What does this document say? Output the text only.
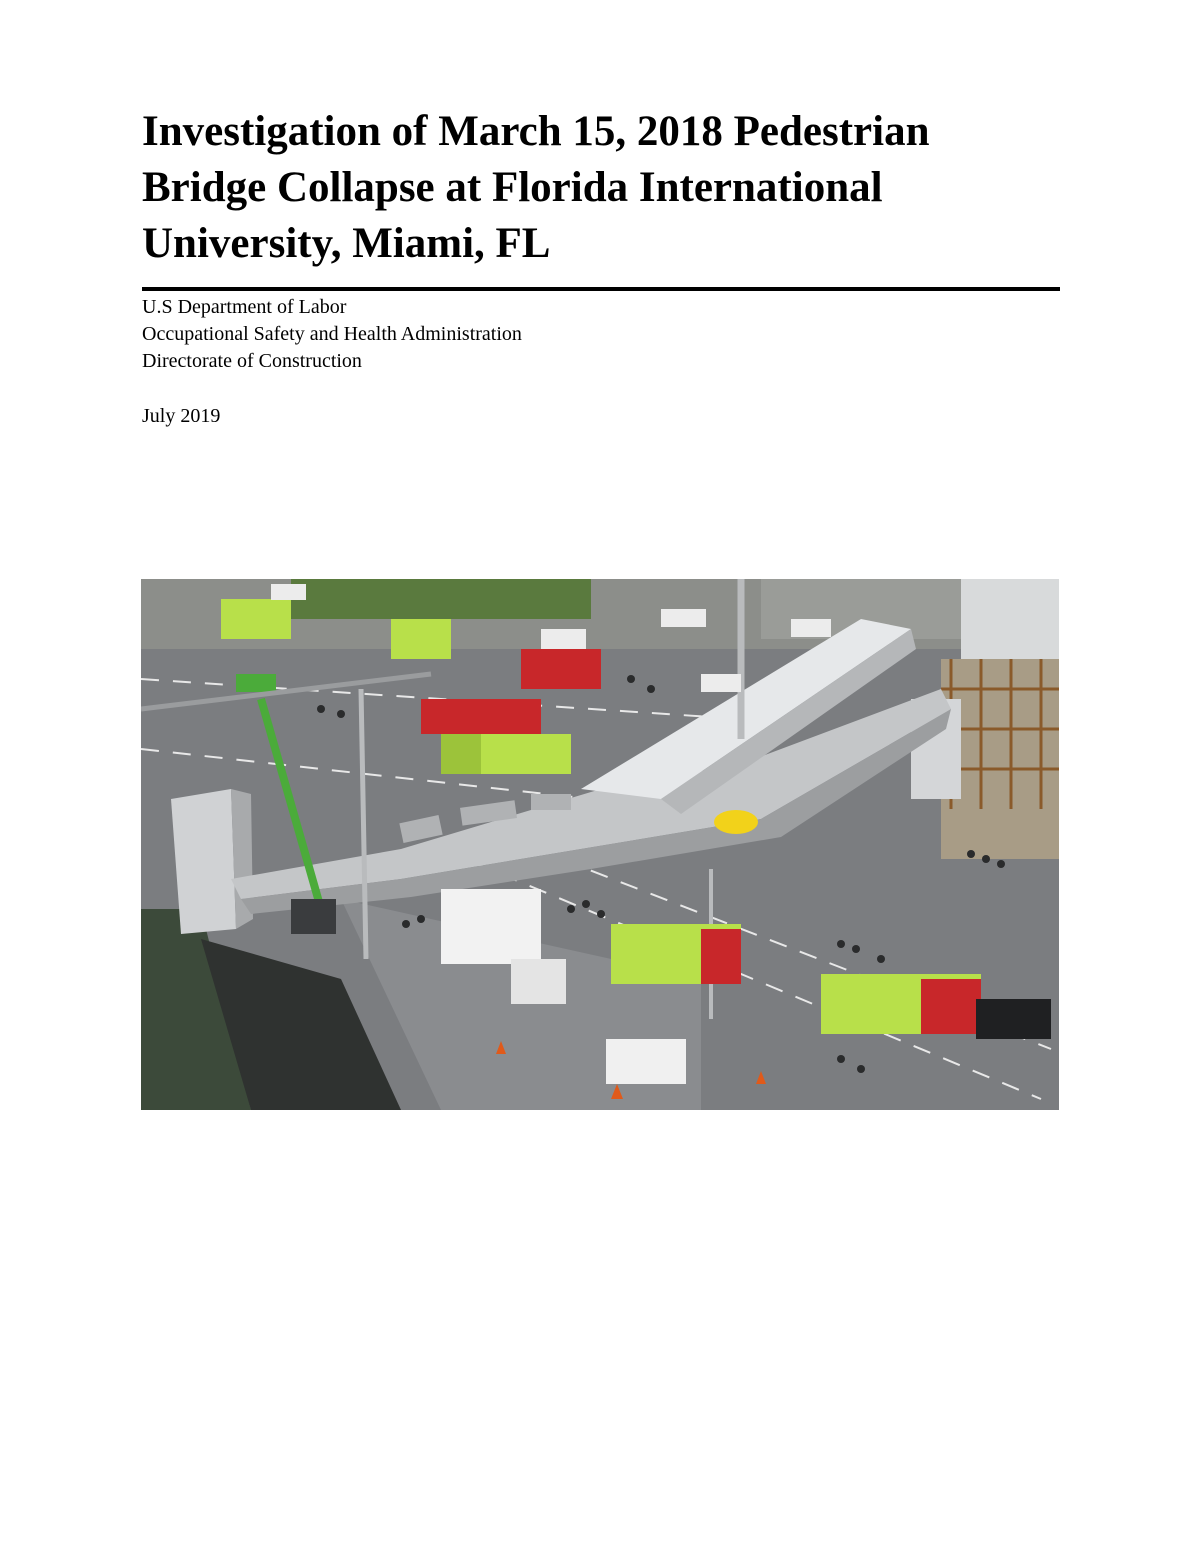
Investigation of March 15, 2018 Pedestrian
Bridge Collapse at Florida International
University, Miami, FL
U.S Department of Labor
Occupational Safety and Health Administration
Directorate of Construction
July 2019
